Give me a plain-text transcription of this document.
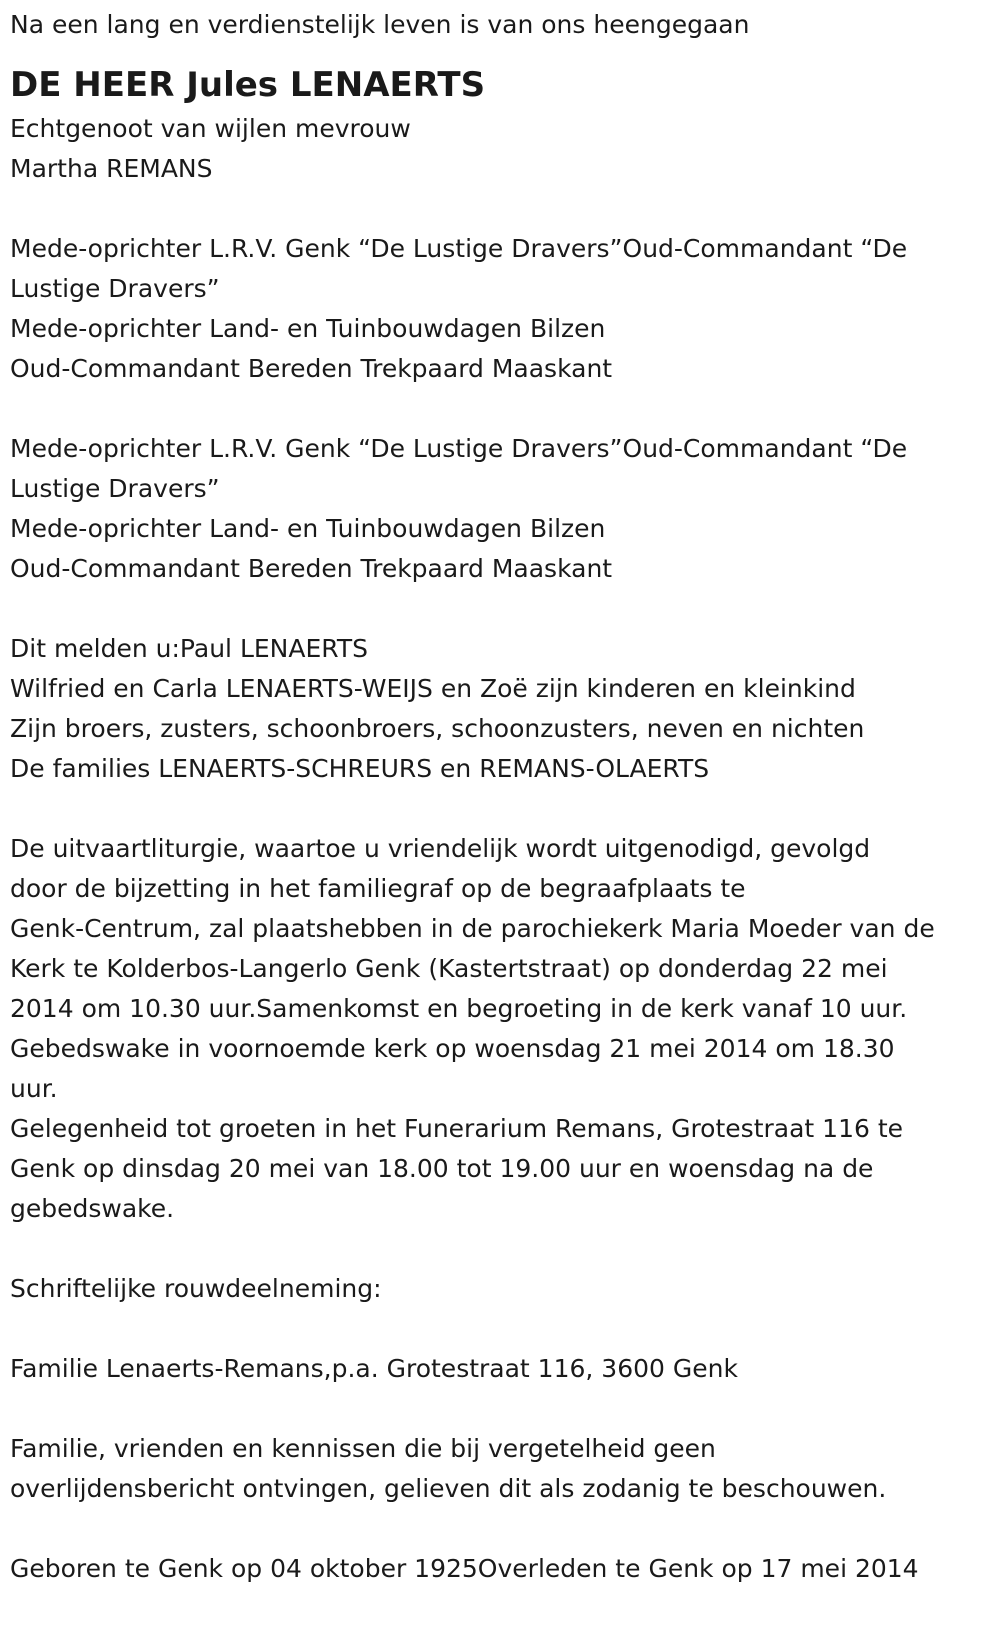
Na een lang en verdienstelijk leven is van ons heengegaan
DE HEER Jules LENAERTS
Echtgenoot van wijlen mevrouw
Martha REMANS
Mede-oprichter L.R.V. Genk “De Lustige Dravers”Oud-Commandant “De
Lustige Dravers”
Mede-oprichter Land- en Tuinbouwdagen Bilzen
Oud-Commandant Bereden Trekpaard Maaskant
Mede-oprichter L.R.V. Genk “De Lustige Dravers”Oud-Commandant “De
Lustige Dravers”
Mede-oprichter Land- en Tuinbouwdagen Bilzen
Oud-Commandant Bereden Trekpaard Maaskant
Dit melden u:Paul LENAERTS
Wilfried en Carla LENAERTS-WEIJS en Zoë zijn kinderen en kleinkind
Zijn broers, zusters, schoonbroers, schoonzusters, neven en nichten
De families LENAERTS-SCHREURS en REMANS-OLAERTS
De uitvaartliturgie, waartoe u vriendelijk wordt uitgenodigd, gevolgd
door de bijzetting in het familiegraf op de begraafplaats te
Genk-Centrum, zal plaatshebben in de parochiekerk Maria Moeder van de
Kerk te Kolderbos-Langerlo Genk (Kastertstraat) op donderdag 22 mei
2014 om 10.30 uur.Samenkomst en begroeting in de kerk vanaf 10 uur.
Gebedswake in voornoemde kerk op woensdag 21 mei 2014 om 18.30
uur.
Gelegenheid tot groeten in het Funerarium Remans, Grotestraat 116 te
Genk op dinsdag 20 mei van 18.00 tot 19.00 uur en woensdag na de
gebedswake.
Schriftelijke rouwdeelneming:
Familie Lenaerts-Remans,p.a. Grotestraat 116, 3600 Genk
Familie, vrienden en kennissen die bij vergetelheid geen
overlijdensbericht ontvingen, gelieven dit als zodanig te beschouwen.
Geboren te Genk op 04 oktober 1925Overleden te Genk op 17 mei 2014
